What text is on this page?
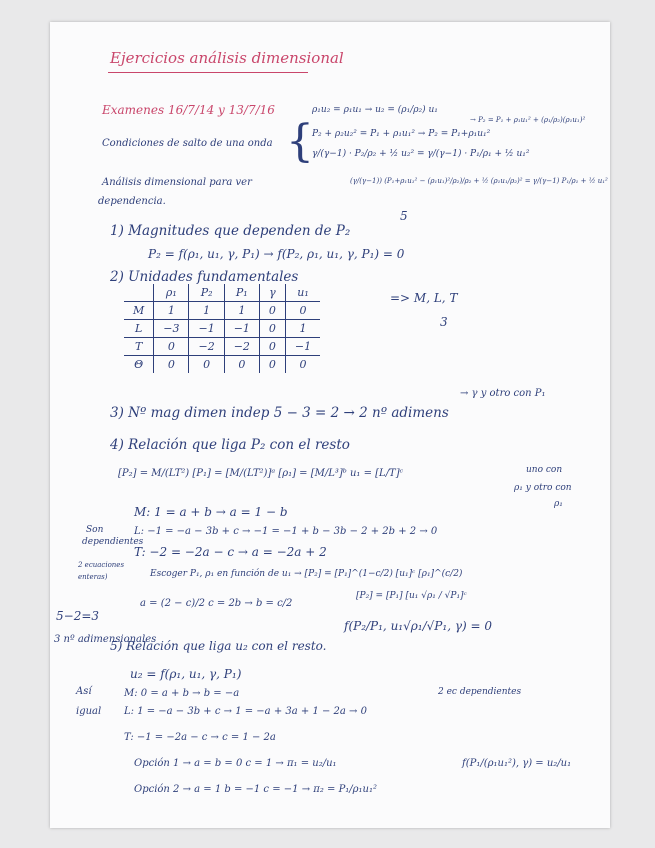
Ejercicios análisis dimensional
Examenes 16/7/14 y 13/7/16
Condiciones de salto de una onda {
ρ₁u₂ = ρ₁u₁ → u₂ = (ρ₁/ρ₂) u₁
→ P₂ = P₁ + ρ₁u₁² + (ρ₁/ρ₂)(ρ₁u₁)²
P₂ + ρ₂u₂² = P₁ + ρ₁u₁² → P₂ = P₁+ρ₁u₁²
γ/(γ−1) · P₂/ρ₂ + ½ u₂² = γ/(γ−1) · P₁/ρ₁ + ½ u₁²
(γ/(γ−1)) (P₁+ρ₁u₁² − (ρ₁u₁)²/ρ₂)/ρ₂ + ½ (ρ₁u₁/ρ₂)² = γ/(γ−1) P₁/ρ₁ + ½ u₁²
Análisis dimensional para ver
dependencia.
5
1) Magnitudes que dependen de P₂
P₂ = f(ρ₁, u₁, γ, P₁) → f(P₂, ρ₁, u₁, γ, P₁) = 0
2) Unidades fundamentales
	ρ₁	P₂	P₁	γ	u₁
M	1	1	1	0	0
L	−3	−1	−1	0	1
T	0	−2	−2	0	−1
Θ	0	0	0	0	0
=> M, L, T
3
3) Nº mag dimen indep 5 − 3 = 2 → 2 nº adimens
→ γ y otro con P₁
4) Relación que liga P₂ con el resto
[P₂] = M/(LT²) [P₁] = [M/(LT²)]ᵃ [ρ₁] = [M/L³]ᵇ u₁ = [L/T]ᶜ	uno con
ρ₁ y otro con
ρ₁
M: 1 = a + b → a = 1 − b
L: −1 = −a − 3b + c → −1 = −1 + b − 3b − 2 + 2b + 2 → 0
T: −2 = −2a − c → a = −2a + 2
Son
dependientes
2 ecuaciones
enteras)	Escoger P₁, ρ₁ en función de u₁ → [P₂] = [P₁]^(1−c/2) [u₁]ᶜ [ρ₁]^(c/2)
a = (2 − c)/2 c = 2b → b = c/2
[P₂] = [P₁] [u₁ √ρ₁ / √P₁]ᶜ
f(P₂/P₁, u₁√ρ₁/√P₁, γ) = 0
5−2=3
3 nº adimensionales
5) Relación que liga u₂ con el resto.
u₂ = f(ρ₁, u₁, γ, P₁)
Así
igual
M: 0 = a + b → b = −a
L: 1 = −a − 3b + c → 1 = −a + 3a + 1 − 2a → 0
T: −1 = −2a − c → c = 1 − 2a
2 ec dependientes
Opción 1 → a = b = 0 c = 1 → π₁ = u₂/u₁
Opción 2 → a = 1 b = −1 c = −1 → π₂ = P₁/ρ₁u₁²
f(P₁/(ρ₁u₁²), γ) = u₂/u₁
